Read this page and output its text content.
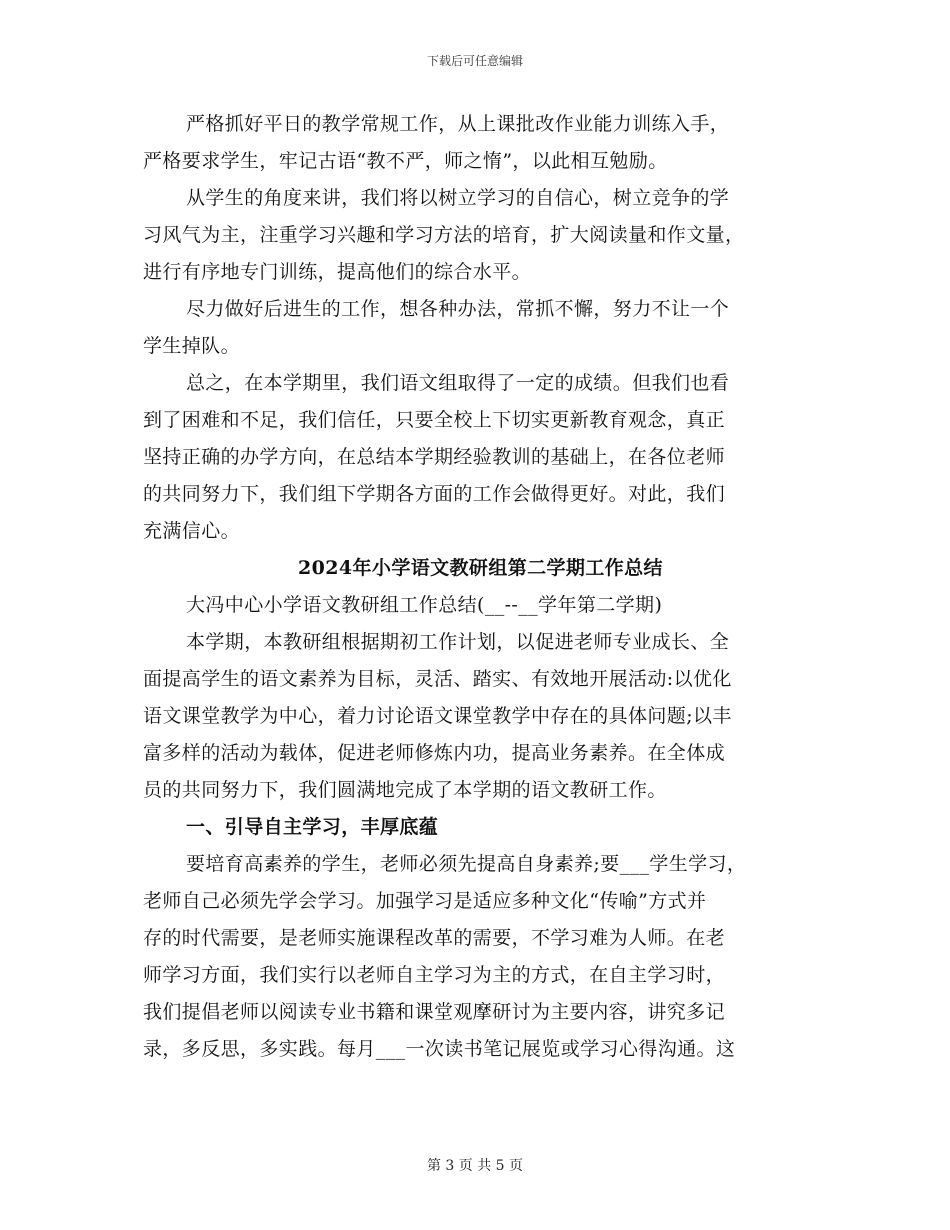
下载后可任意编辑
严格抓好平日的教学常规工作，从上课批改作业能力训练入手，
严格要求学生，牢记古语“教不严，师之惰”，以此相互勉励。
从学生的角度来讲，我们将以树立学习的自信心，树立竞争的学
习风气为主，注重学习兴趣和学习方法的培育，扩大阅读量和作文量，
进行有序地专门训练，提高他们的综合水平。
尽力做好后进生的工作，想各种办法，常抓不懈，努力不让一个
学生掉队。
总之，在本学期里，我们语文组取得了一定的成绩。但我们也看
到了困难和不足，我们信任，只要全校上下切实更新教育观念，真正
坚持正确的办学方向，在总结本学期经验教训的基础上，在各位老师
的共同努力下，我们组下学期各方面的工作会做得更好。对此，我们
充满信心。
2024年小学语文教研组第二学期工作总结
大冯中心小学语文教研组工作总结(__--__学年第二学期)
本学期，本教研组根据期初工作计划，以促进老师专业成长、全
面提高学生的语文素养为目标，灵活、踏实、有效地开展活动:以优化
语文课堂教学为中心，着力讨论语文课堂教学中存在的具体问题;以丰
富多样的活动为载体，促进老师修炼内功，提高业务素养。在全体成
员的共同努力下，我们圆满地完成了本学期的语文教研工作。
一、引导自主学习，丰厚底蕴
要培育高素养的学生，老师必须先提高自身素养;要___学生学习，
老师自己必须先学会学习。加强学习是适应多种文化“传喻”方式并
存的时代需要，是老师实施课程改革的需要，不学习难为人师。在老
师学习方面，我们实行以老师自主学习为主的方式，在自主学习时，
我们提倡老师以阅读专业书籍和课堂观摩研讨为主要内容，讲究多记
录，多反思，多实践。每月___一次读书笔记展览或学习心得沟通。这
第 3 页 共 5 页
